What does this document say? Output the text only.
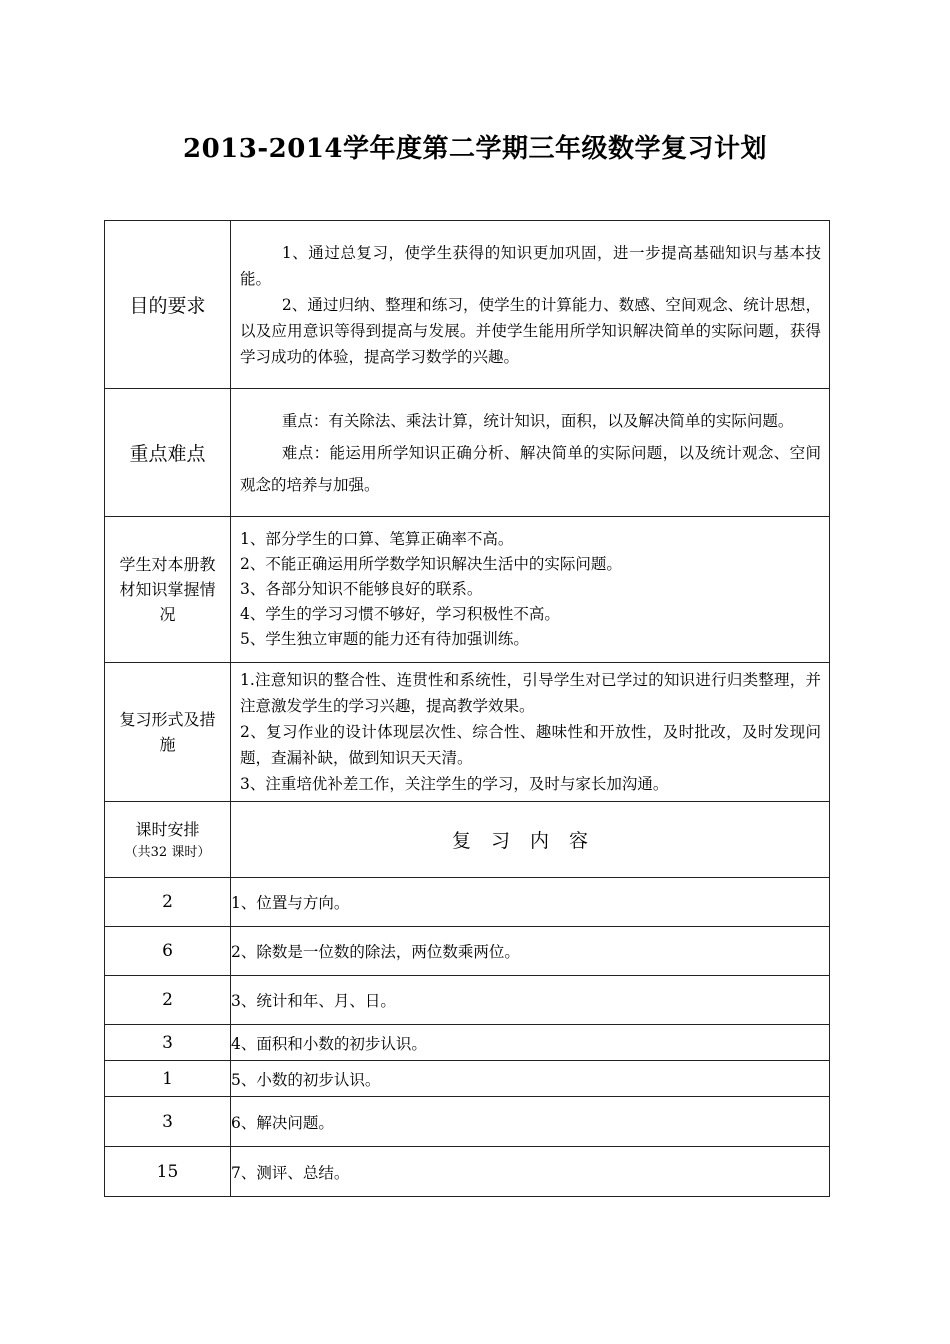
2013-2014学年度第二学期三年级数学复习计划
目的要求	1、通过总复习，使学生获得的知识更加巩固，进一步提高基础知识与基本技能。

2、通过归纳、整理和练习，使学生的计算能力、数感、空间观念、统计思想，以及应用意识等得到提高与发展。并使学生能用所学知识解决简单的实际问题，获得学习成功的体验，提高学习数学的兴趣。

重点难点	重点：有关除法、乘法计算，统计知识，面积，以及解决简单的实际问题。

难点：能运用所学知识正确分析、解决简单的实际问题，以及统计观念、空间观念的培养与加强。

学生对本册教材知识掌握情况	1、部分学生的口算、笔算正确率不高。

2、不能正确运用所学数学知识解决生活中的实际问题。

3、各部分知识不能够良好的联系。

4、学生的学习习惯不够好，学习积极性不高。

5、学生独立审题的能力还有待加强训练。

复习形式及措施	1.注意知识的整合性、连贯性和系统性，引导学生对已学过的知识进行归类整理，并注意激发学生的学习兴趣，提高教学效果。

2、复习作业的设计体现层次性、综合性、趣味性和开放性，及时批改，及时发现问题，查漏补缺，做到知识天天清。

3、注重培优补差工作，关注学生的学习，及时与家长加沟通。

课时安排
（共32 课时）	复习内容
2	1、位置与方向。
6	2、除数是一位数的除法，两位数乘两位。
2	3、统计和年、月、日。
3	4、面积和小数的初步认识。
1	5、小数的初步认识。
3	6、解决问题。
15	7、测评、总结。
